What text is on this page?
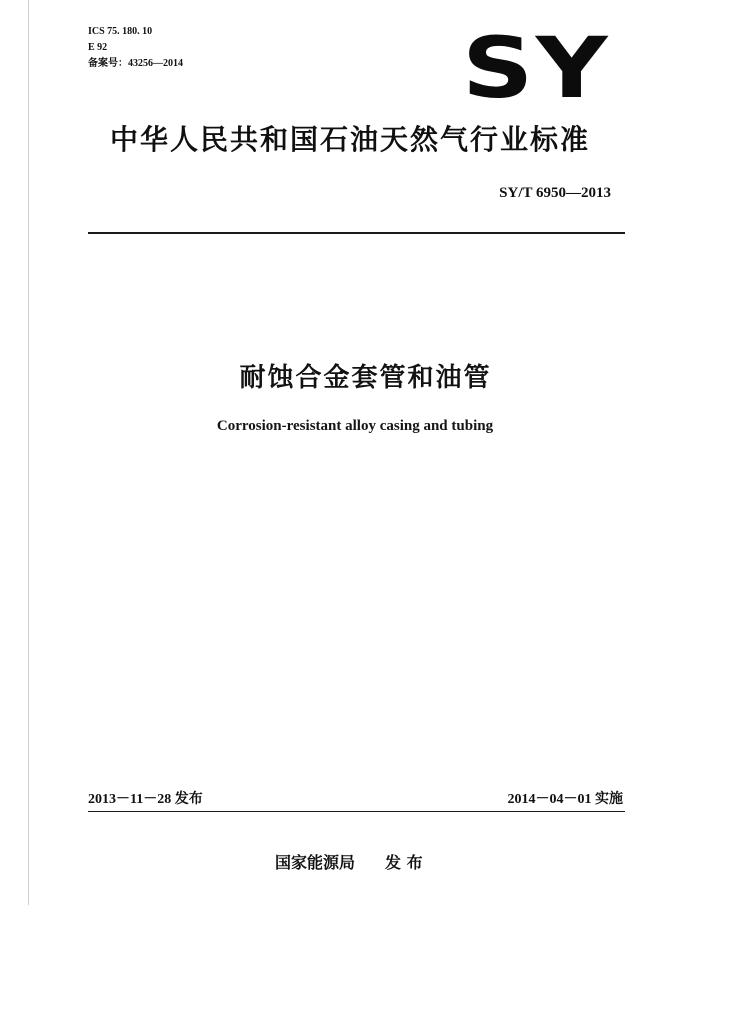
ICS 75. 180. 10
E 92
备案号：43256—2014	SY
中华人民共和国石油天然气行业标准
SY/T 6950—2013
耐蚀合金套管和油管
Corrosion-resistant alloy casing and tubing
2013－11－28 发布	2014－04－01 实施
国家能源局 发 布
